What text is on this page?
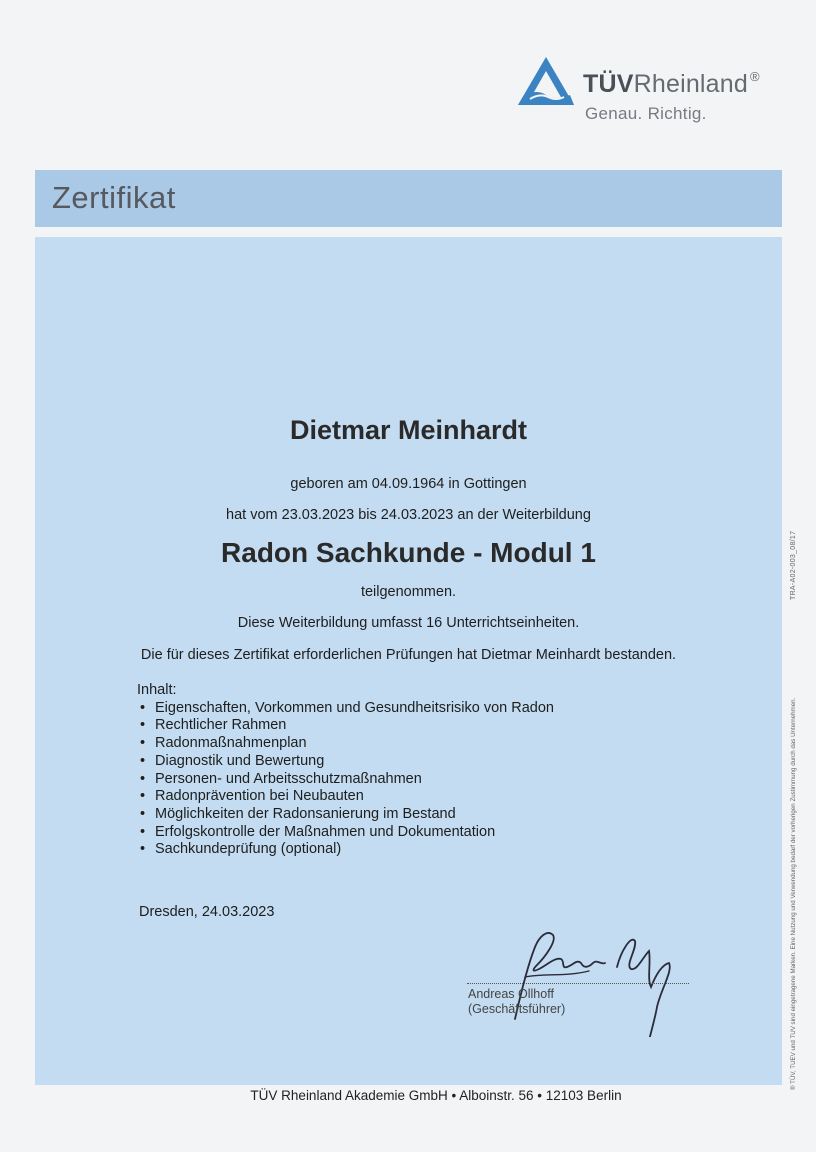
TÜVRheinland ®
Genau. Richtig.
Zertifikat
Dietmar Meinhardt
geboren am 04.09.1964 in Gottingen
hat vom 23.03.2023 bis 24.03.2023 an der Weiterbildung
Radon Sachkunde - Modul 1
teilgenommen.
Diese Weiterbildung umfasst 16 Unterrichtseinheiten.
Die für dieses Zertifikat erforderlichen Prüfungen hat Dietmar Meinhardt bestanden.
Inhalt:
• Eigenschaften, Vorkommen und Gesundheitsrisiko von Radon
• Rechtlicher Rahmen
• Radonmaßnahmenplan
• Diagnostik und Bewertung
• Personen- und Arbeitsschutzmaßnahmen
• Radonprävention bei Neubauten
• Möglichkeiten der Radonsanierung im Bestand
• Erfolgskontrolle der Maßnahmen und Dokumentation
• Sachkundeprüfung (optional)
Dresden, 24.03.2023
Andreas Ollhoff
(Geschäftsführer)
TÜV Rheinland Akademie GmbH • Alboinstr. 56 • 12103 Berlin
TRA-A02-003_08/17
® TÜV, TUEV und TUV sind eingetragene Marken. Eine Nutzung und Verwendung bedarf der vorherigen Zustimmung durch das Unternehmen.
